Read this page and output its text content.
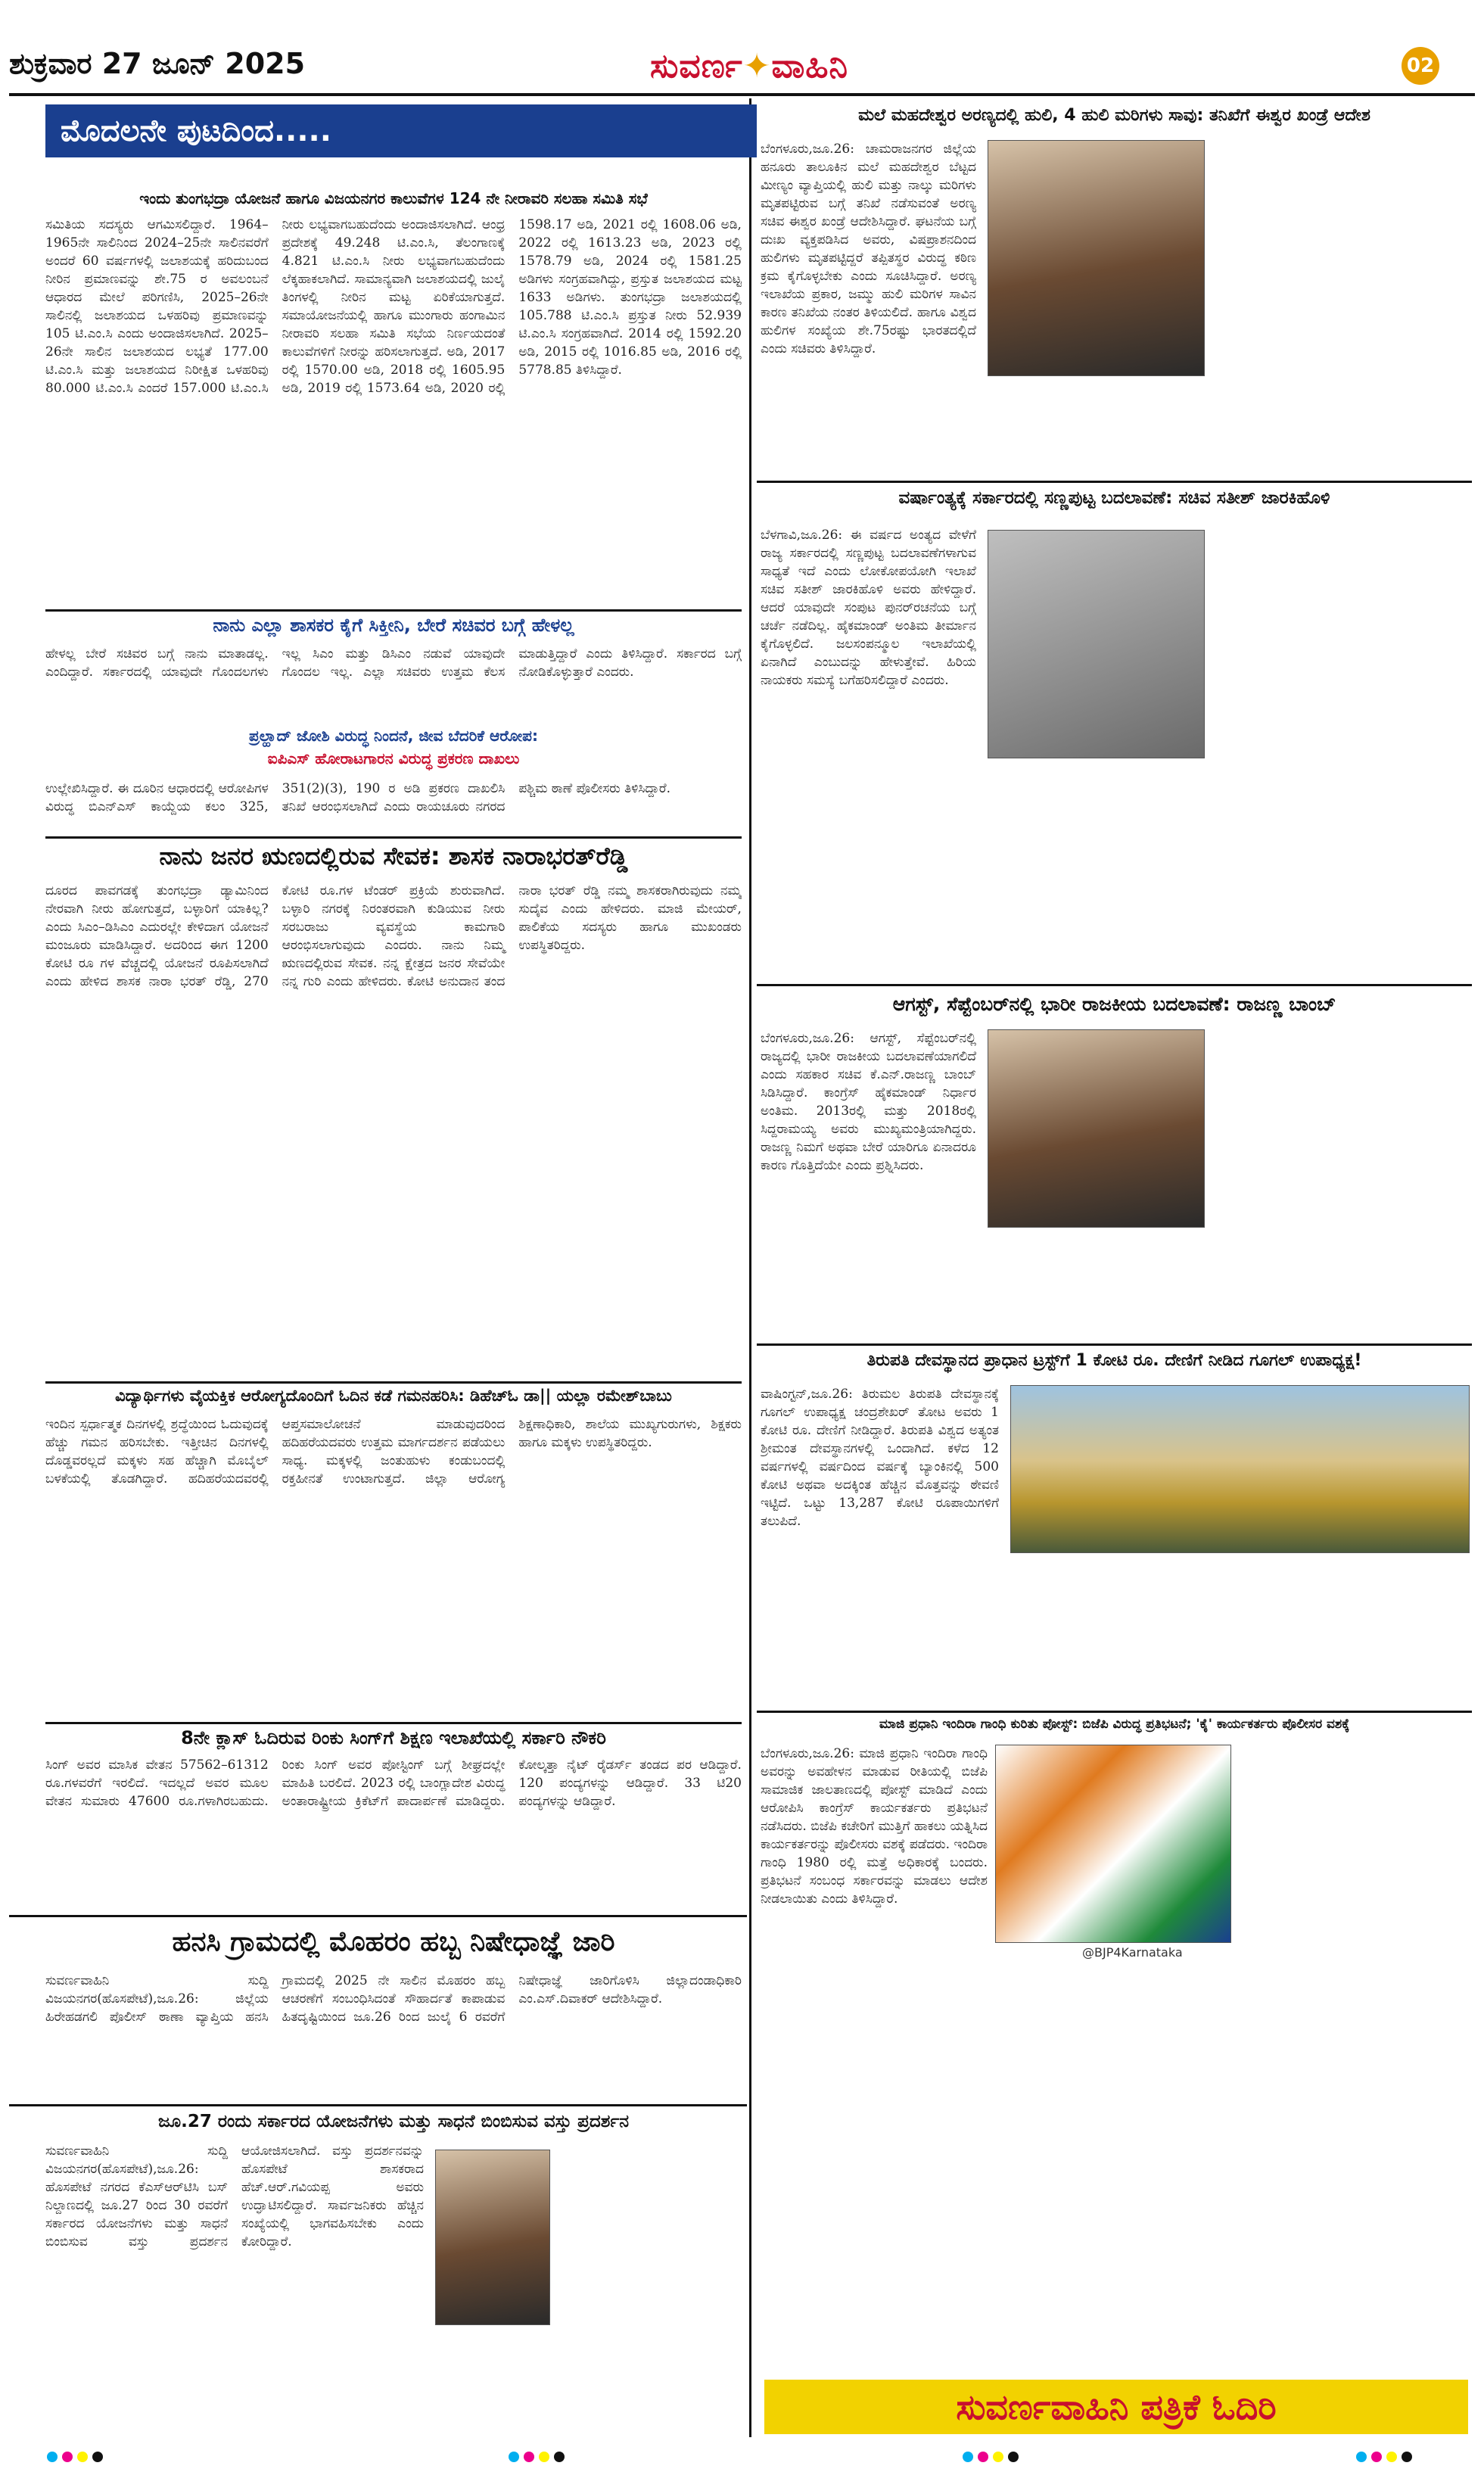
ಶುಕ್ರವಾರ 27 ಜೂನ್ 2025	ಸುವರ್ಣ✦ವಾಹಿನಿ	02
ಮೊದಲನೇ ಪುಟದಿಂದ.....
ಇಂದು ತುಂಗಭದ್ರಾ ಯೋಜನೆ ಹಾಗೂ ವಿಜಯನಗರ ಕಾಲುವೆಗಳ 124 ನೇ ನೀರಾವರಿ ಸಲಹಾ ಸಮಿತಿ ಸಭೆ
ಸಮಿತಿಯ ಸದಸ್ಯರು ಆಗಮಿಸಲಿದ್ದಾರೆ. 1964–1965ನೇ ಸಾಲಿನಿಂದ 2024–25ನೇ ಸಾಲಿನವರೆಗೆ ಅಂದರೆ 60 ವರ್ಷಗಳಲ್ಲಿ ಜಲಾಶಯಕ್ಕೆ ಹರಿದುಬಂದ ನೀರಿನ ಪ್ರಮಾಣವನ್ನು ಶೇ.75 ರ ಅವಲಂಬನೆ ಆಧಾರದ ಮೇಲೆ ಪರಿಗಣಿಸಿ, 2025–26ನೇ ಸಾಲಿನಲ್ಲಿ ಜಲಾಶಯದ ಒಳಹರಿವು ಪ್ರಮಾಣವನ್ನು 105 ಟಿ.ಎಂ.ಸಿ ಎಂದು ಅಂದಾಜಿಸಲಾಗಿದೆ. 2025–26ನೇ ಸಾಲಿನ ಜಲಾಶಯದ ಲಭ್ಯತೆ 177.00 ಟಿ.ಎಂ.ಸಿ ಮತ್ತು ಜಲಾಶಯದ ನಿರೀಕ್ಷಿತ ಒಳಹರಿವು 80.000 ಟಿ.ಎಂ.ಸಿ ಎಂದರೆ 157.000 ಟಿ.ಎಂ.ಸಿ ನೀರು ಲಭ್ಯವಾಗಬಹುದೆಂದು ಅಂದಾಜಿಸಲಾಗಿದೆ. ಆಂಧ್ರ ಪ್ರದೇಶಕ್ಕೆ 49.248 ಟಿ.ಎಂ.ಸಿ, ತೆಲಂಗಾಣಕ್ಕೆ 4.821 ಟಿ.ಎಂ.ಸಿ ನೀರು ಲಭ್ಯವಾಗಬಹುದೆಂದು ಲೆಕ್ಕಹಾಕಲಾಗಿದೆ. ಸಾಮಾನ್ಯವಾಗಿ ಜಲಾಶಯದಲ್ಲಿ ಜುಲೈ ತಿಂಗಳಲ್ಲಿ ನೀರಿನ ಮಟ್ಟ ಏರಿಕೆಯಾಗುತ್ತದೆ. ಸಮಾಯೋಜನೆಯಲ್ಲಿ ಹಾಗೂ ಮುಂಗಾರು ಹಂಗಾಮಿನ ನೀರಾವರಿ ಸಲಹಾ ಸಮಿತಿ ಸಭೆಯ ನಿರ್ಣಯದಂತೆ ಕಾಲುವೆಗಳಿಗೆ ನೀರನ್ನು ಹರಿಸಲಾಗುತ್ತದೆ. ಅಡಿ, 2017 ರಲ್ಲಿ 1570.00 ಅಡಿ, 2018 ರಲ್ಲಿ 1605.95 ಅಡಿ, 2019 ರಲ್ಲಿ 1573.64 ಅಡಿ, 2020 ರಲ್ಲಿ 1598.17 ಅಡಿ, 2021 ರಲ್ಲಿ 1608.06 ಅಡಿ, 2022 ರಲ್ಲಿ 1613.23 ಅಡಿ, 2023 ರಲ್ಲಿ 1578.79 ಅಡಿ, 2024 ರಲ್ಲಿ 1581.25 ಅಡಿಗಳು ಸಂಗ್ರಹವಾಗಿದ್ದು, ಪ್ರಸ್ತುತ ಜಲಾಶಯದ ಮಟ್ಟ 1633 ಅಡಿಗಳು. ತುಂಗಭದ್ರಾ ಜಲಾಶಯದಲ್ಲಿ 105.788 ಟಿ.ಎಂ.ಸಿ ಪ್ರಸ್ತುತ ನೀರು 52.939 ಟಿ.ಎಂ.ಸಿ ಸಂಗ್ರಹವಾಗಿದೆ. 2014 ರಲ್ಲಿ 1592.20 ಅಡಿ, 2015 ರಲ್ಲಿ 1016.85 ಅಡಿ, 2016 ರಲ್ಲಿ 5778.85 ತಿಳಿಸಿದ್ದಾರೆ.
ನಾನು ಎಲ್ಲಾ ಶಾಸಕರ ಕೈಗೆ ಸಿಕ್ತೀನಿ, ಬೇರೆ ಸಚಿವರ ಬಗ್ಗೆ ಹೇಳಲ್ಲ
ಹೇಳಲ್ಲ ಬೇರೆ ಸಚಿವರ ಬಗ್ಗೆ ನಾನು ಮಾತಾಡಲ್ಲ. ಎಂದಿದ್ದಾರೆ. ಸರ್ಕಾರದಲ್ಲಿ ಯಾವುದೇ ಗೊಂದಲಗಳು ಇಲ್ಲ ಸಿಎಂ ಮತ್ತು ಡಿಸಿಎಂ ನಡುವೆ ಯಾವುದೇ ಗೊಂದಲ ಇಲ್ಲ. ಎಲ್ಲಾ ಸಚಿವರು ಉತ್ತಮ ಕೆಲಸ ಮಾಡುತ್ತಿದ್ದಾರೆ ಎಂದು ತಿಳಿಸಿದ್ದಾರೆ. ಸರ್ಕಾರದ ಬಗ್ಗೆ ನೋಡಿಕೊಳ್ಳುತ್ತಾರೆ ಎಂದರು.
ಪ್ರಲ್ಹಾದ್ ಜೋಶಿ ವಿರುದ್ಧ ನಿಂದನೆ, ಜೀವ ಬೆದರಿಕೆ ಆರೋಪ:
ಐಪಿಎಸ್ ಹೋರಾಟಗಾರನ ವಿರುದ್ಧ ಪ್ರಕರಣ ದಾಖಲು
ಉಲ್ಲೇಖಿಸಿದ್ದಾರೆ. ಈ ದೂರಿನ ಆಧಾರದಲ್ಲಿ ಆರೋಪಿಗಳ ವಿರುದ್ಧ ಬಿಎನ್ಎಸ್ ಕಾಯ್ದೆಯ ಕಲಂ 325, 351(2)(3), 190 ರ ಅಡಿ ಪ್ರಕರಣ ದಾಖಲಿಸಿ ತನಿಖೆ ಆರಂಭಿಸಲಾಗಿದೆ ಎಂದು ರಾಯಚೂರು ನಗರದ ಪಶ್ಚಿಮ ಠಾಣೆ ಪೊಲೀಸರು ತಿಳಿಸಿದ್ದಾರೆ.
ನಾನು ಜನರ ಋಣದಲ್ಲಿರುವ ಸೇವಕ: ಶಾಸಕ ನಾರಾಭರತ್‌ರೆಡ್ಡಿ
ದೂರದ ಪಾವಗಡಕ್ಕೆ ತುಂಗಭದ್ರಾ ಡ್ಯಾಮಿನಿಂದ ನೇರವಾಗಿ ನೀರು ಹೋಗುತ್ತದೆ, ಬಳ್ಳಾರಿಗೆ ಯಾಕಿಲ್ಲ? ಎಂದು ಸಿಎಂ–ಡಿಸಿಎಂ ಎದುರಲ್ಲೇ ಕೇಳಿದಾಗ ಯೋಜನೆ ಮಂಜೂರು ಮಾಡಿಸಿದ್ದಾರೆ. ಅದರಿಂದ ಈಗ 1200 ಕೋಟಿ ರೂ ಗಳ ವೆಚ್ಚದಲ್ಲಿ ಯೋಜನೆ ರೂಪಿಸಲಾಗಿದೆ ಎಂದು ಹೇಳಿದ ಶಾಸಕ ನಾರಾ ಭರತ್ ರೆಡ್ಡಿ, 270 ಕೋಟಿ ರೂ.ಗಳ ಟೆಂಡರ್ ಪ್ರಕ್ರಿಯೆ ಶುರುವಾಗಿದೆ. ಬಳ್ಳಾರಿ ನಗರಕ್ಕೆ ನಿರಂತರವಾಗಿ ಕುಡಿಯುವ ನೀರು ಸರಬರಾಜು ವ್ಯವಸ್ಥೆಯ ಕಾಮಗಾರಿ ಆರಂಭಿಸಲಾಗುವುದು ಎಂದರು. ನಾನು ನಿಮ್ಮ ಋಣದಲ್ಲಿರುವ ಸೇವಕ. ನನ್ನ ಕ್ಷೇತ್ರದ ಜನರ ಸೇವೆಯೇ ನನ್ನ ಗುರಿ ಎಂದು ಹೇಳಿದರು. ಕೋಟಿ ಅನುದಾನ ತಂದ ನಾರಾ ಭರತ್ ರೆಡ್ಡಿ ನಮ್ಮ ಶಾಸಕರಾಗಿರುವುದು ನಮ್ಮ ಸುದೈವ ಎಂದು ಹೇಳಿದರು. ಮಾಜಿ ಮೇಯರ್, ಪಾಲಿಕೆಯ ಸದಸ್ಯರು ಹಾಗೂ ಮುಖಂಡರು ಉಪಸ್ಥಿತರಿದ್ದರು.
ವಿದ್ಯಾರ್ಥಿಗಳು ವೈಯಕ್ತಿಕ ಆರೋಗ್ಯದೊಂದಿಗೆ ಓದಿನ ಕಡೆ ಗಮನಹರಿಸಿ: ಡಿಹೆಚ್‌ಓ ಡಾ|| ಯಲ್ಲಾ ರಮೇಶ್‌ಬಾಬು
ಇಂದಿನ ಸ್ಪರ್ಧಾತ್ಮಕ ದಿನಗಳಲ್ಲಿ ಶ್ರದ್ಧೆಯಿಂದ ಓದುವುದಕ್ಕೆ ಹೆಚ್ಚು ಗಮನ ಹರಿಸಬೇಕು. ಇತ್ತೀಚಿನ ದಿನಗಳಲ್ಲಿ ದೊಡ್ಡವರಲ್ಲದೆ ಮಕ್ಕಳು ಸಹ ಹೆಚ್ಚಾಗಿ ಮೊಬೈಲ್ ಬಳಕೆಯಲ್ಲಿ ತೊಡಗಿದ್ದಾರೆ. ಹದಿಹರೆಯದವರಲ್ಲಿ ಆಪ್ತಸಮಾಲೋಚನೆ ಮಾಡುವುದರಿಂದ ಹದಿಹರೆಯದವರು ಉತ್ತಮ ಮಾರ್ಗದರ್ಶನ ಪಡೆಯಲು ಸಾಧ್ಯ. ಮಕ್ಕಳಲ್ಲಿ ಜಂತುಹುಳು ಕಂಡುಬಂದಲ್ಲಿ ರಕ್ತಹೀನತೆ ಉಂಟಾಗುತ್ತದೆ. ಜಿಲ್ಲಾ ಆರೋಗ್ಯ ಶಿಕ್ಷಣಾಧಿಕಾರಿ, ಶಾಲೆಯ ಮುಖ್ಯಗುರುಗಳು, ಶಿಕ್ಷಕರು ಹಾಗೂ ಮಕ್ಕಳು ಉಪಸ್ಥಿತರಿದ್ದರು.
8ನೇ ಕ್ಲಾಸ್ ಓದಿರುವ ರಿಂಕು ಸಿಂಗ್‌ಗೆ ಶಿಕ್ಷಣ ಇಲಾಖೆಯಲ್ಲಿ ಸರ್ಕಾರಿ ನೌಕರಿ
ಸಿಂಗ್ ಅವರ ಮಾಸಿಕ ವೇತನ 57562–61312 ರೂ.ಗಳವರೆಗೆ ಇರಲಿದೆ. ಇದಲ್ಲದೆ ಅವರ ಮೂಲ ವೇತನ ಸುಮಾರು 47600 ರೂ.ಗಳಾಗಿರಬಹುದು. ರಿಂಕು ಸಿಂಗ್ ಅವರ ಪೋಸ್ಟಿಂಗ್ ಬಗ್ಗೆ ಶೀಘ್ರದಲ್ಲೇ ಮಾಹಿತಿ ಬರಲಿದೆ. 2023 ರಲ್ಲಿ ಬಾಂಗ್ಲಾದೇಶ ವಿರುದ್ಧ ಅಂತಾರಾಷ್ಟ್ರೀಯ ಕ್ರಿಕೆಟ್‌ಗೆ ಪಾದಾರ್ಪಣೆ ಮಾಡಿದ್ದರು. ಕೋಲ್ಕತ್ತಾ ನೈಟ್ ರೈಡರ್ಸ್ ತಂಡದ ಪರ ಆಡಿದ್ದಾರೆ. 120 ಪಂದ್ಯಗಳನ್ನು ಆಡಿದ್ದಾರೆ. 33 ಟಿ20 ಪಂದ್ಯಗಳನ್ನು ಆಡಿದ್ದಾರೆ.
ಹನಸಿ ಗ್ರಾಮದಲ್ಲಿ ಮೊಹರಂ ಹಬ್ಬ ನಿಷೇಧಾಜ್ಞೆ ಜಾರಿ
ಸುವರ್ಣವಾಹಿನಿ ಸುದ್ದಿ ವಿಜಯನಗರ(ಹೊಸಪೇಟೆ),ಜೂ.26: ಜಿಲ್ಲೆಯ ಹಿರೇಹಡಗಲಿ ಪೊಲೀಸ್ ಠಾಣಾ ವ್ಯಾಪ್ತಿಯ ಹನಸಿ ಗ್ರಾಮದಲ್ಲಿ 2025 ನೇ ಸಾಲಿನ ಮೊಹರಂ ಹಬ್ಬ ಆಚರಣೆಗೆ ಸಂಬಂಧಿಸಿದಂತೆ ಸೌಹಾರ್ದತೆ ಕಾಪಾಡುವ ಹಿತದೃಷ್ಟಿಯಿಂದ ಜೂ.26 ರಿಂದ ಜುಲೈ 6 ರವರೆಗೆ ನಿಷೇಧಾಜ್ಞೆ ಜಾರಿಗೊಳಿಸಿ ಜಿಲ್ಲಾದಂಡಾಧಿಕಾರಿ ಎಂ.ಎಸ್.ದಿವಾಕರ್ ಆದೇಶಿಸಿದ್ದಾರೆ.
ಜೂ.27 ರಂದು ಸರ್ಕಾರದ ಯೋಜನೆಗಳು ಮತ್ತು ಸಾಧನೆ ಬಿಂಬಿಸುವ ವಸ್ತು ಪ್ರದರ್ಶನ
ಸುವರ್ಣವಾಹಿನಿ ಸುದ್ದಿ ವಿಜಯನಗರ(ಹೊಸಪೇಟೆ),ಜೂ.26: ಹೊಸಪೇಟೆ ನಗರದ ಕೆಎಸ್‌ಆರ್‌ಟಿಸಿ ಬಸ್ ನಿಲ್ದಾಣದಲ್ಲಿ ಜೂ.27 ರಿಂದ 30 ರವರೆಗೆ ಸರ್ಕಾರದ ಯೋಜನೆಗಳು ಮತ್ತು ಸಾಧನೆ ಬಿಂಬಿಸುವ ವಸ್ತು ಪ್ರದರ್ಶನ ಆಯೋಜಿಸಲಾಗಿದೆ. ವಸ್ತು ಪ್ರದರ್ಶನವನ್ನು ಹೊಸಪೇಟೆ ಶಾಸಕರಾದ ಹೆಚ್.ಆರ್.ಗವಿಯಪ್ಪ ಅವರು ಉದ್ಘಾಟಿಸಲಿದ್ದಾರೆ. ಸಾರ್ವಜನಿಕರು ಹೆಚ್ಚಿನ ಸಂಖ್ಯೆಯಲ್ಲಿ ಭಾಗವಹಿಸಬೇಕು ಎಂದು ಕೋರಿದ್ದಾರೆ.
ಮಲೆ ಮಹದೇಶ್ವರ ಅರಣ್ಯದಲ್ಲಿ ಹುಲಿ, 4 ಹುಲಿ ಮರಿಗಳು ಸಾವು: ತನಿಖೆಗೆ ಈಶ್ವರ ಖಂಡ್ರೆ ಆದೇಶ
ಬೆಂಗಳೂರು,ಜೂ.26: ಚಾಮರಾಜನಗರ ಜಿಲ್ಲೆಯ ಹನೂರು ತಾಲೂಕಿನ ಮಲೆ ಮಹದೇಶ್ವರ ಬೆಟ್ಟದ ಮೀಣ್ಯಂ ವ್ಯಾಪ್ತಿಯಲ್ಲಿ ಹುಲಿ ಮತ್ತು ನಾಲ್ಕು ಮರಿಗಳು ಮೃತಪಟ್ಟಿರುವ ಬಗ್ಗೆ ತನಿಖೆ ನಡೆಸುವಂತೆ ಅರಣ್ಯ ಸಚಿವ ಈಶ್ವರ ಖಂಡ್ರೆ ಆದೇಶಿಸಿದ್ದಾರೆ. ಘಟನೆಯ ಬಗ್ಗೆ ದುಃಖ ವ್ಯಕ್ತಪಡಿಸಿದ ಅವರು, ವಿಷಪ್ರಾಶನದಿಂದ ಹುಲಿಗಳು ಮೃತಪಟ್ಟಿದ್ದರೆ ತಪ್ಪಿತಸ್ಥರ ವಿರುದ್ಧ ಕಠಿಣ ಕ್ರಮ ಕೈಗೊಳ್ಳಬೇಕು ಎಂದು ಸೂಚಿಸಿದ್ದಾರೆ. ಅರಣ್ಯ ಇಲಾಖೆಯ ಪ್ರಕಾರ, ಜಮ್ಮು ಹುಲಿ ಮರಿಗಳ ಸಾವಿನ ಕಾರಣ ತನಿಖೆಯ ನಂತರ ತಿಳಿಯಲಿದೆ. ಹಾಗೂ ವಿಶ್ವದ ಹುಲಿಗಳ ಸಂಖ್ಯೆಯ ಶೇ.75ರಷ್ಟು ಭಾರತದಲ್ಲಿದೆ ಎಂದು ಸಚಿವರು ತಿಳಿಸಿದ್ದಾರೆ.
ವರ್ಷಾಂತ್ಯಕ್ಕೆ ಸರ್ಕಾರದಲ್ಲಿ ಸಣ್ಣಪುಟ್ಟ ಬದಲಾವಣೆ: ಸಚಿವ ಸತೀಶ್ ಜಾರಕಿಹೊಳಿ
ಬೆಳಗಾವಿ,ಜೂ.26: ಈ ವರ್ಷದ ಅಂತ್ಯದ ವೇಳೆಗೆ ರಾಜ್ಯ ಸರ್ಕಾರದಲ್ಲಿ ಸಣ್ಣಪುಟ್ಟ ಬದಲಾವಣೆಗಳಾಗುವ ಸಾಧ್ಯತೆ ಇದೆ ಎಂದು ಲೋಕೋಪಯೋಗಿ ಇಲಾಖೆ ಸಚಿವ ಸತೀಶ್ ಜಾರಕಿಹೊಳಿ ಅವರು ಹೇಳಿದ್ದಾರೆ. ಆದರೆ ಯಾವುದೇ ಸಂಪುಟ ಪುನರ್‌ರಚನೆಯ ಬಗ್ಗೆ ಚರ್ಚೆ ನಡೆದಿಲ್ಲ. ಹೈಕಮಾಂಡ್ ಅಂತಿಮ ತೀರ್ಮಾನ ಕೈಗೊಳ್ಳಲಿದೆ. ಜಲಸಂಪನ್ಮೂಲ ಇಲಾಖೆಯಲ್ಲಿ ಏನಾಗಿದೆ ಎಂಬುದನ್ನು ಹೇಳುತ್ತೇವೆ. ಹಿರಿಯ ನಾಯಕರು ಸಮಸ್ಯೆ ಬಗೆಹರಿಸಲಿದ್ದಾರೆ ಎಂದರು.
ಆಗಸ್ಟ್, ಸೆಪ್ಟೆಂಬರ್‌ನಲ್ಲಿ ಭಾರೀ ರಾಜಕೀಯ ಬದಲಾವಣೆ: ರಾಜಣ್ಣ ಬಾಂಬ್
ಬೆಂಗಳೂರು,ಜೂ.26: ಆಗಸ್ಟ್, ಸೆಪ್ಟೆಂಬರ್‌ನಲ್ಲಿ ರಾಜ್ಯದಲ್ಲಿ ಭಾರೀ ರಾಜಕೀಯ ಬದಲಾವಣೆಯಾಗಲಿದೆ ಎಂದು ಸಹಕಾರ ಸಚಿವ ಕೆ.ಎನ್.ರಾಜಣ್ಣ ಬಾಂಬ್ ಸಿಡಿಸಿದ್ದಾರೆ. ಕಾಂಗ್ರೆಸ್ ಹೈಕಮಾಂಡ್ ನಿರ್ಧಾರ ಅಂತಿಮ. 2013ರಲ್ಲಿ ಮತ್ತು 2018ರಲ್ಲಿ ಸಿದ್ದರಾಮಯ್ಯ ಅವರು ಮುಖ್ಯಮಂತ್ರಿಯಾಗಿದ್ದರು. ರಾಜಣ್ಣ ನಿಮಗೆ ಅಥವಾ ಬೇರೆ ಯಾರಿಗೂ ಏನಾದರೂ ಕಾರಣ ಗೊತ್ತಿದೆಯೇ ಎಂದು ಪ್ರಶ್ನಿಸಿದರು.
ತಿರುಪತಿ ದೇವಸ್ಥಾನದ ಪ್ರಾಧಾನ ಟ್ರಸ್ಟ್‌ಗೆ 1 ಕೋಟಿ ರೂ. ದೇಣಿಗೆ ನೀಡಿದ ಗೂಗಲ್ ಉಪಾಧ್ಯಕ್ಷ!
ವಾಷಿಂಗ್ಟನ್,ಜೂ.26: ತಿರುಮಲ ತಿರುಪತಿ ದೇವಸ್ಥಾನಕ್ಕೆ ಗೂಗಲ್ ಉಪಾಧ್ಯಕ್ಷ ಚಂದ್ರಶೇಖರ್ ತೋಟ ಅವರು 1 ಕೋಟಿ ರೂ. ದೇಣಿಗೆ ನೀಡಿದ್ದಾರೆ. ತಿರುಪತಿ ವಿಶ್ವದ ಅತ್ಯಂತ ಶ್ರೀಮಂತ ದೇವಸ್ಥಾನಗಳಲ್ಲಿ ಒಂದಾಗಿದೆ. ಕಳೆದ 12 ವರ್ಷಗಳಲ್ಲಿ ವರ್ಷದಿಂದ ವರ್ಷಕ್ಕೆ ಬ್ಯಾಂಕಿನಲ್ಲಿ 500 ಕೋಟಿ ಅಥವಾ ಅದಕ್ಕಿಂತ ಹೆಚ್ಚಿನ ಮೊತ್ತವನ್ನು ಠೇವಣಿ ಇಟ್ಟಿದೆ. ಒಟ್ಟು 13,287 ಕೋಟಿ ರೂಪಾಯಿಗಳಿಗೆ ತಲುಪಿದೆ.
ಮಾಜಿ ಪ್ರಧಾನಿ ಇಂದಿರಾ ಗಾಂಧಿ ಕುರಿತು ಪೋಸ್ಟ್: ಬಿಜೆಪಿ ವಿರುದ್ಧ ಪ್ರತಿಭಟನೆ; 'ಕೈ' ಕಾರ್ಯಕರ್ತರು ಪೊಲೀಸರ ವಶಕ್ಕೆ
ಬೆಂಗಳೂರು,ಜೂ.26: ಮಾಜಿ ಪ್ರಧಾನಿ ಇಂದಿರಾ ಗಾಂಧಿ ಅವರನ್ನು ಅವಹೇಳನ ಮಾಡುವ ರೀತಿಯಲ್ಲಿ ಬಿಜೆಪಿ ಸಾಮಾಜಿಕ ಜಾಲತಾಣದಲ್ಲಿ ಪೋಸ್ಟ್ ಮಾಡಿದೆ ಎಂದು ಆರೋಪಿಸಿ ಕಾಂಗ್ರೆಸ್ ಕಾರ್ಯಕರ್ತರು ಪ್ರತಿಭಟನೆ ನಡೆಸಿದರು. ಬಿಜೆಪಿ ಕಚೇರಿಗೆ ಮುತ್ತಿಗೆ ಹಾಕಲು ಯತ್ನಿಸಿದ ಕಾರ್ಯಕರ್ತರನ್ನು ಪೊಲೀಸರು ವಶಕ್ಕೆ ಪಡೆದರು. ಇಂದಿರಾ ಗಾಂಧಿ 1980 ರಲ್ಲಿ ಮತ್ತೆ ಅಧಿಕಾರಕ್ಕೆ ಬಂದರು. ಪ್ರತಿಭಟನೆ ಸಂಬಂಧ ಸರ್ಕಾರವನ್ನು ಮಾಡಲು ಆದೇಶ ನೀಡಲಾಯಿತು ಎಂದು ತಿಳಿಸಿದ್ದಾರೆ.
@BJP4Karnataka
ಸುವರ್ಣವಾಹಿನಿ ಪತ್ರಿಕೆ ಓದಿರಿ
